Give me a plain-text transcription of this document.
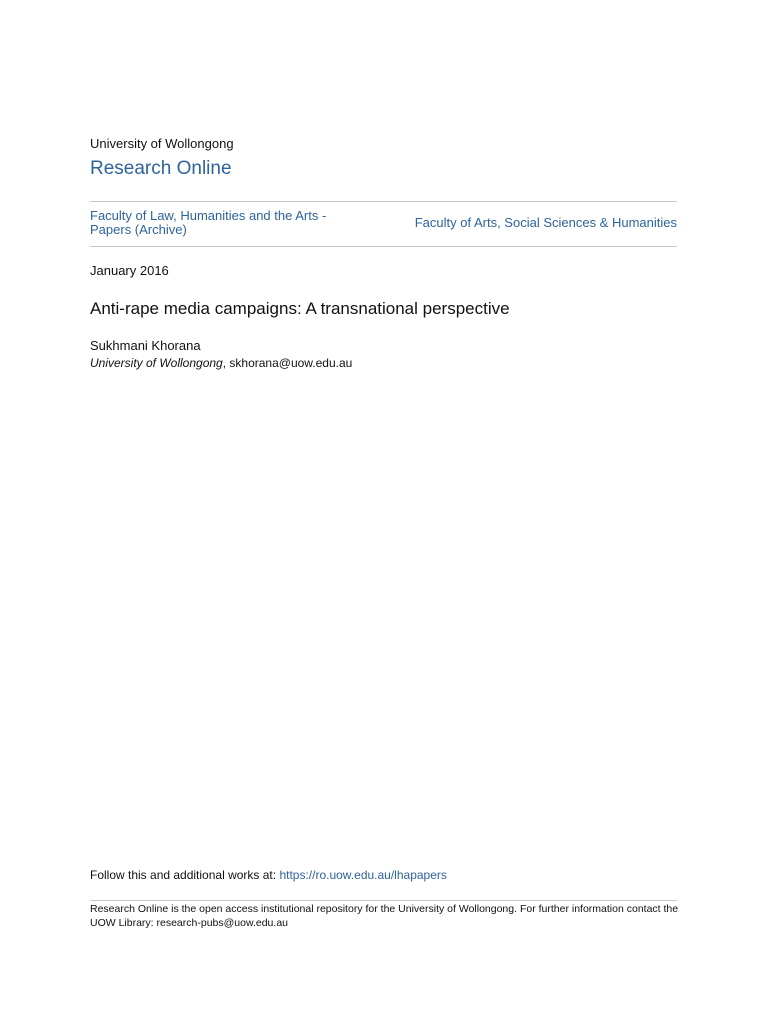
University of Wollongong
Research Online
Faculty of Law, Humanities and the Arts - Papers (Archive)	Faculty of Arts, Social Sciences & Humanities
January 2016
Anti-rape media campaigns: A transnational perspective
Sukhmani Khorana
University of Wollongong, skhorana@uow.edu.au
Follow this and additional works at: https://ro.uow.edu.au/lhapapers
Research Online is the open access institutional repository for the University of Wollongong. For further information contact the UOW Library: research-pubs@uow.edu.au
